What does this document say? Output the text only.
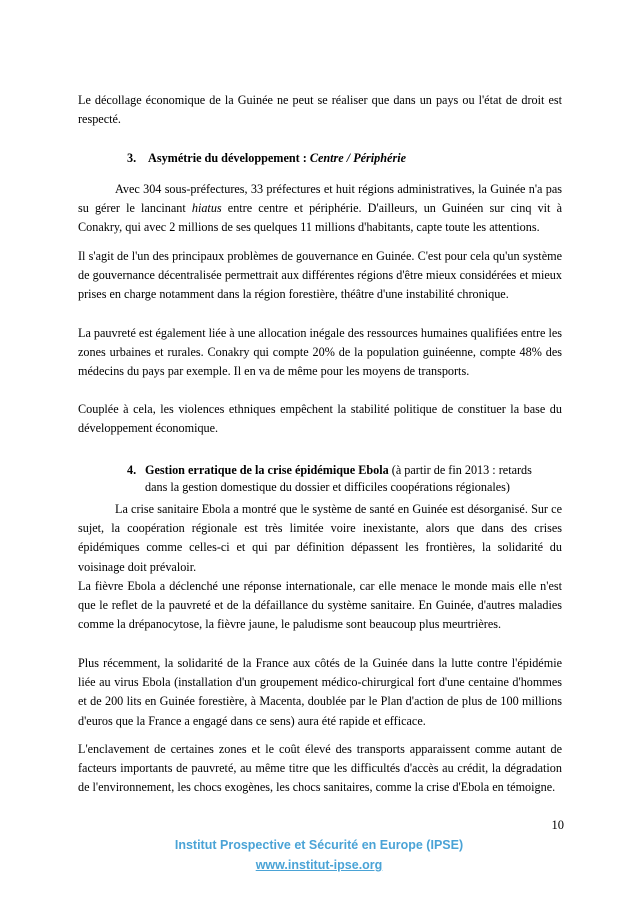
Le décollage économique de la Guinée ne peut se réaliser que dans un pays ou l'état de droit est respecté.

3. Asymétrie du développement : Centre / Périphérie

Avec 304 sous-préfectures, 33 préfectures et huit régions administratives, la Guinée n'a pas su gérer le lancinant hiatus entre centre et périphérie. D'ailleurs, un Guinéen sur cinq vit à Conakry, qui avec 2 millions de ses quelques 11 millions d'habitants, capte toute les attentions.

Il s'agit de l'un des principaux problèmes de gouvernance en Guinée. C'est pour cela qu'un système de gouvernance décentralisée permettrait aux différentes régions d'être mieux considérées et mieux prises en charge notamment dans la région forestière, théâtre d'une instabilité chronique.

La pauvreté est également liée à une allocation inégale des ressources humaines qualifiées entre les zones urbaines et rurales. Conakry qui compte 20% de la population guinéenne, compte 48% des médecins du pays par exemple. Il en va de même pour les moyens de transports.

Couplée à cela, les violences ethniques empêchent la stabilité politique de constituer la base du développement économique.

4. Gestion erratique de la crise épidémique Ebola (à partir de fin 2013 : retards
dans la gestion domestique du dossier et difficiles coopérations régionales)

La crise sanitaire Ebola a montré que le système de santé en Guinée est désorganisé. Sur ce sujet, la coopération régionale est très limitée voire inexistante, alors que dans des crises épidémiques comme celles-ci et qui par définition dépassent les frontières, la solidarité du voisinage doit prévaloir.

La fièvre Ebola a déclenché une réponse internationale, car elle menace le monde mais elle n'est que le reflet de la pauvreté et de la défaillance du système sanitaire. En Guinée, d'autres maladies comme la drépanocytose, la fièvre jaune, le paludisme sont beaucoup plus meurtrières.

Plus récemment, la solidarité de la France aux côtés de la Guinée dans la lutte contre l'épidémie liée au virus Ebola (installation d'un groupement médico-chirurgical fort d'une centaine d'hommes et de 200 lits en Guinée forestière, à Macenta, doublée par le Plan d'action de plus de 100 millions d'euros que la France a engagé dans ce sens) aura été rapide et efficace.

L'enclavement de certaines zones et le coût élevé des transports apparaissent comme autant de facteurs importants de pauvreté, au même titre que les difficultés d'accès au crédit, la dégradation de l'environnement, les chocs exogènes, les chocs sanitaires, comme la crise d'Ebola en témoigne.

10
Institut Prospective et Sécurité en Europe (IPSE)
www.institut-ipse.org
